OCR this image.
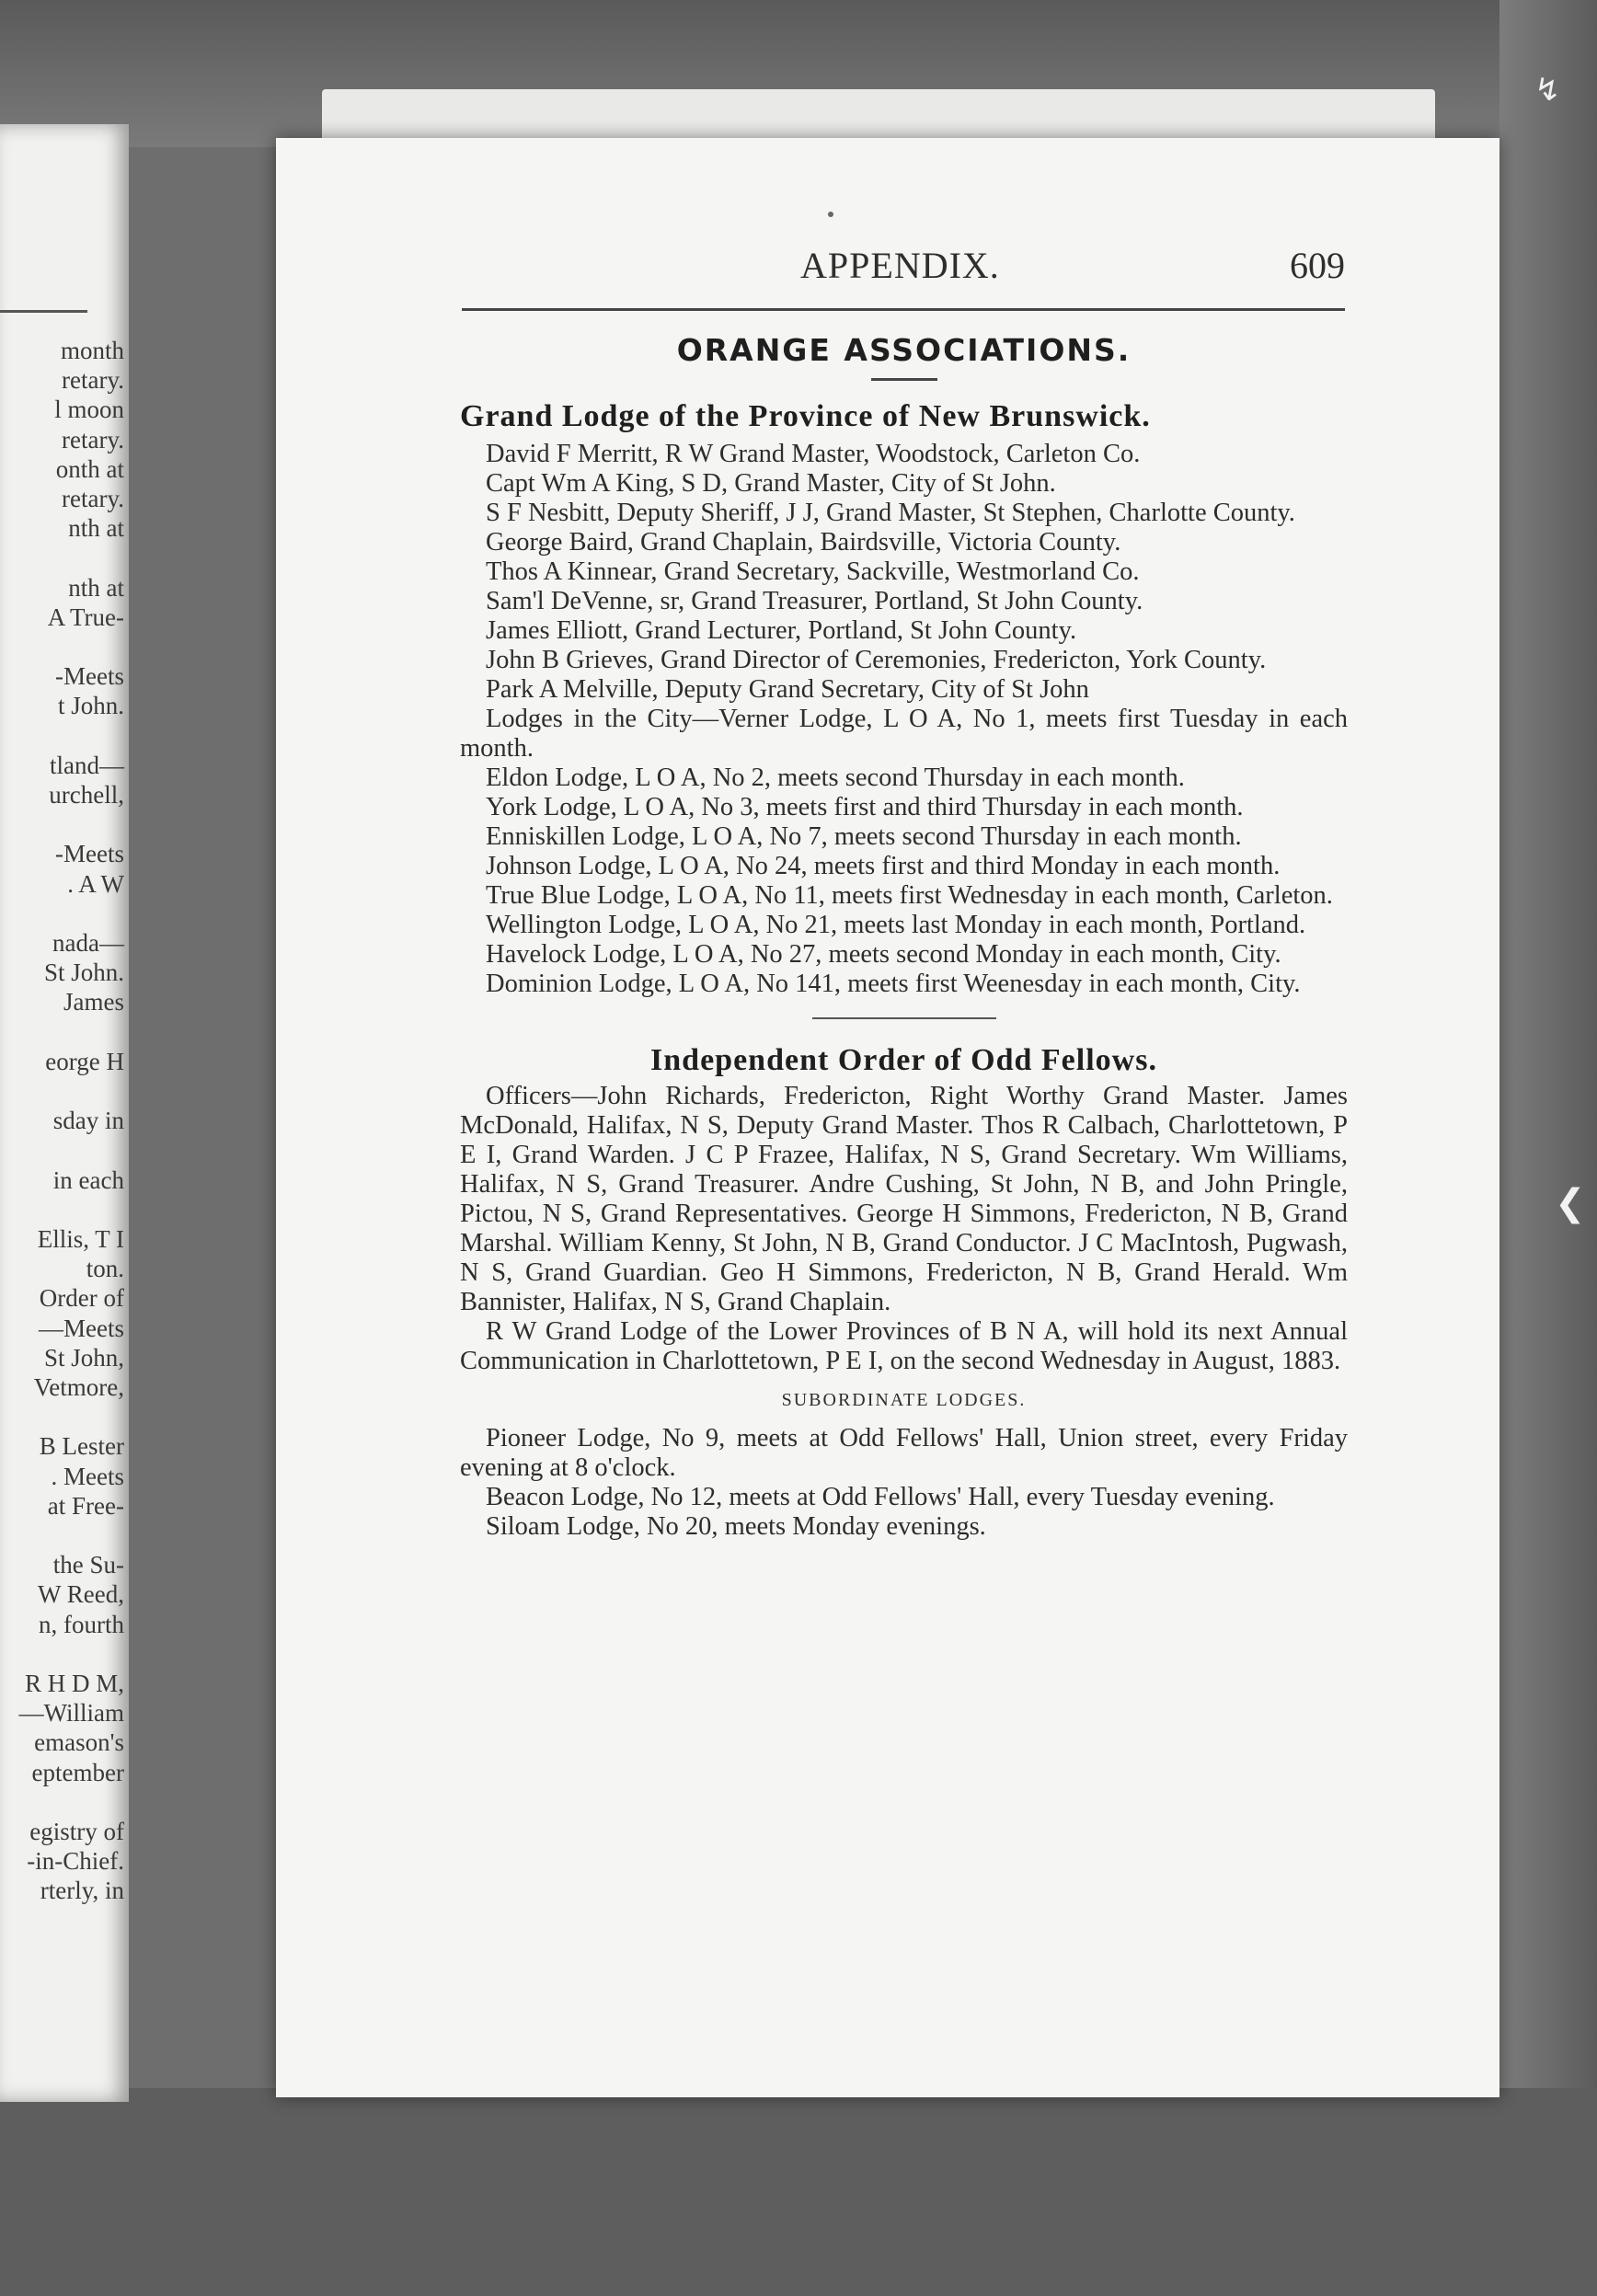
month
retary.
l moon
retary.
onth at
retary.
nth at
nth at
A True-
-Meets
t John.
tland—
urchell,
-Meets
. A W
nada—
St John.
James
eorge H
sday in
in each
Ellis, T I
ton.
Order of
—Meets
St John,
Vetmore,
B Lester
. Meets
at Free-
the Su-
W Reed,
n, fourth
R H D M,
—William
emason's
eptember
egistry of
-in-Chief.
rterly, in
APPENDIX.	609
ORANGE ASSOCIATIONS.
Grand Lodge of the Province of New Brunswick.

David F Merritt, R W Grand Master, Woodstock, Carleton Co.

Capt Wm A King, S D, Grand Master, City of St John.

S F Nesbitt, Deputy Sheriff, J J, Grand Master, St Stephen, Charlotte County.

George Baird, Grand Chaplain, Bairdsville, Victoria County.

Thos A Kinnear, Grand Secretary, Sackville, Westmorland Co.

Sam'l DeVenne, sr, Grand Treasurer, Portland, St John County.

James Elliott, Grand Lecturer, Portland, St John County.

John B Grieves, Grand Director of Ceremonies, Fredericton, York County.

Park A Melville, Deputy Grand Secretary, City of St John

Lodges in the City—Verner Lodge, L O A, No 1, meets first Tuesday in each month.

Eldon Lodge, L O A, No 2, meets second Thursday in each month.

York Lodge, L O A, No 3, meets first and third Thursday in each month.

Enniskillen Lodge, L O A, No 7, meets second Thursday in each month.

Johnson Lodge, L O A, No 24, meets first and third Monday in each month.

True Blue Lodge, L O A, No 11, meets first Wednesday in each month, Carleton.

Wellington Lodge, L O A, No 21, meets last Monday in each month, Portland.

Havelock Lodge, L O A, No 27, meets second Monday in each month, City.

Dominion Lodge, L O A, No 141, meets first Weenesday in each month, City.

Independent Order of Odd Fellows.

Officers—John Richards, Fredericton, Right Worthy Grand Master. James McDonald, Halifax, N S, Deputy Grand Master. Thos R Calbach, Charlottetown, P E I, Grand Warden. J C P Frazee, Halifax, N S, Grand Secretary. Wm Williams, Halifax, N S, Grand Treasurer. Andre Cushing, St John, N B, and John Pringle, Pictou, N S, Grand Representatives. George H Simmons, Fredericton, N B, Grand Marshal. William Kenny, St John, N B, Grand Conductor. J C MacIntosh, Pugwash, N S, Grand Guardian. Geo H Simmons, Fredericton, N B, Grand Herald. Wm Bannister, Halifax, N S, Grand Chaplain.

R W Grand Lodge of the Lower Provinces of B N A, will hold its next Annual Communication in Charlottetown, P E I, on the second Wednesday in August, 1883.

SUBORDINATE LODGES.

Pioneer Lodge, No 9, meets at Odd Fellows' Hall, Union street, every Friday evening at 8 o'clock.

Beacon Lodge, No 12, meets at Odd Fellows' Hall, every Tuesday evening.

Siloam Lodge, No 20, meets Monday evenings.

↯
❮
